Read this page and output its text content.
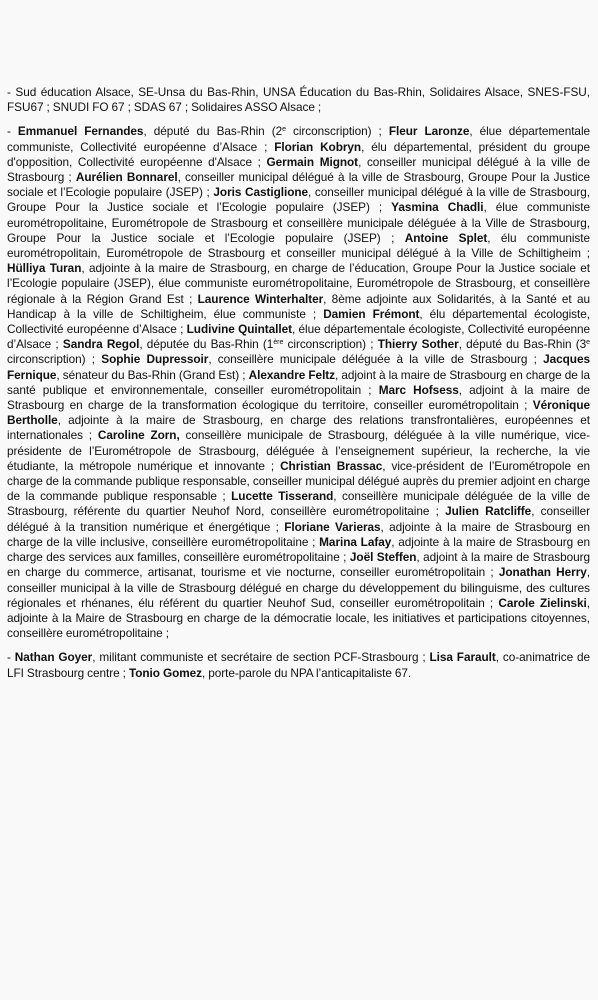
- Sud éducation Alsace, SE-Unsa du Bas-Rhin, UNSA Éducation du Bas-Rhin, Solidaires Alsace, SNES-FSU, FSU67 ; SNUDI FO 67 ; SDAS 67 ; Solidaires ASSO Alsace ;

- Emmanuel Fernandes, député du Bas-Rhin (2e circonscription) ; Fleur Laronze, élue départementale communiste, Collectivité européenne d’Alsace ; Florian Kobryn, élu départemental, président du groupe d'opposition, Collectivité européenne d'Alsace ; Germain Mignot, conseiller municipal délégué à la ville de Strasbourg ; Aurélien Bonnarel, conseiller municipal délégué à la ville de Strasbourg, Groupe Pour la Justice sociale et l’Ecologie populaire (JSEP) ; Joris Castiglione, conseiller municipal délégué à la ville de Strasbourg, Groupe Pour la Justice sociale et l’Ecologie populaire (JSEP) ; Yasmina Chadli, élue communiste eurométropolitaine, Eurométropole de Strasbourg et conseillère municipale déléguée à la Ville de Strasbourg, Groupe Pour la Justice sociale et l’Ecologie populaire (JSEP) ; Antoine Splet, élu communiste eurométropolitain, Eurométropole de Strasbourg et conseiller municipal délégué à la Ville de Schiltigheim ; Hülliya Turan, adjointe à la maire de Strasbourg, en charge de l’éducation, Groupe Pour la Justice sociale et l’Ecologie populaire (JSEP), élue communiste eurométropolitaine, Eurométropole de Strasbourg, et conseillère régionale à la Région Grand Est ; Laurence Winterhalter, 8ème adjointe aux Solidarités, à la Santé et au Handicap à la ville de Schiltigheim, élue communiste ; Damien Frémont, élu départemental écologiste, Collectivité européenne d’Alsace ; Ludivine Quintallet, élue départementale écologiste, Collectivité européenne d’Alsace ; Sandra Regol, députée du Bas-Rhin (1ère circonscription) ; Thierry Sother, député du Bas-Rhin (3e circonscription) ; Sophie Dupressoir, conseillère municipale déléguée à la ville de Strasbourg ; Jacques Fernique, sénateur du Bas-Rhin (Grand Est) ; Alexandre Feltz, adjoint à la maire de Strasbourg en charge de la santé publique et environnementale, conseiller eurométropolitain ; Marc Hofsess, adjoint à la maire de Strasbourg en charge de la transformation écologique du territoire, conseiller eurométropolitain ; Véronique Bertholle, adjointe à la maire de Strasbourg, en charge des relations transfrontalières, européennes et internationales ; Caroline Zorn, conseillère municipale de Strasbourg, déléguée à la ville numérique, vice-présidente de l’Eurométropole de Strasbourg, déléguée à l’enseignement supérieur, la recherche, la vie étudiante, la métropole numérique et innovante ; Christian Brassac, vice-président de l’Eurométropole en charge de la commande publique responsable, conseiller municipal délégué auprès du premier adjoint en charge de la commande publique responsable ; Lucette Tisserand, conseillère municipale déléguée de la ville de Strasbourg, référente du quartier Neuhof Nord, conseillère eurométropolitaine ; Julien Ratcliffe, conseiller délégué à la transition numérique et énergétique ; Floriane Varieras, adjointe à la maire de Strasbourg en charge de la ville inclusive, conseillère eurométropolitaine ; Marina Lafay, adjointe à la maire de Strasbourg en charge des services aux familles, conseillère eurométropolitaine ; Joël Steffen, adjoint à la maire de Strasbourg en charge du commerce, artisanat, tourisme et vie nocturne, conseiller eurométropolitain ; Jonathan Herry, conseiller municipal à la ville de Strasbourg délégué en charge du développement du bilinguisme, des cultures régionales et rhénanes, élu référent du quartier Neuhof Sud, conseiller eurométropolitain ; Carole Zielinski, adjointe à la Maire de Strasbourg en charge de la démocratie locale, les initiatives et participations citoyennes, conseillère eurométropolitaine ;

- Nathan Goyer, militant communiste et secrétaire de section PCF-Strasbourg ; Lisa Farault, co-animatrice de LFI Strasbourg centre ; Tonio Gomez, porte-parole du NPA l’anticapitaliste 67.
